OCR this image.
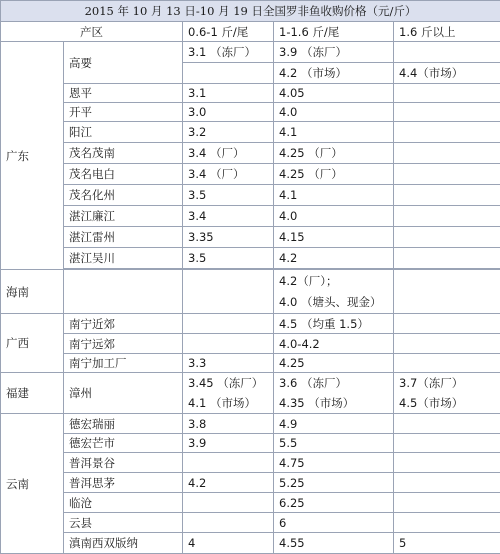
2015 年 10 月 13 日-10 月 19 日全国罗非鱼收购价格（元/斤）				
产区		0.6-1 斤/尾	1-1.6 斤/尾	1.6 斤以上
广东	高要	3.1 （冻厂）	3.9 （冻厂）	
			4.2 （市场）	4.4（市场）
	恩平	3.1	4.05	
	开平	3.0	4.0	
	阳江	3.2	4.1	
	茂名茂南	3.4 （厂）	4.25 （厂）	
	茂名电白	3.4 （厂）	4.25 （厂）	
	茂名化州	3.5	4.1	
	湛江廉江	3.4	4.0	
	湛江雷州	3.35	4.15	
	湛江吴川	3.5	4.2	

海南			4.2（厂）；	
			4.0 （塘头、现金）	
广西	南宁近郊		4.5 （均重 1.5）	
	南宁远郊		4.0-4.2	
	南宁加工厂	3.3	4.25	
福建	漳州	3.45 （冻厂）	3.6 （冻厂）	3.7（冻厂）
		4.1 （市场）	4.35 （市场）	4.5（市场）
云南	德宏瑞丽	3.8	4.9	
	德宏芒市	3.9	5.5	
	普洱景谷		4.75	
	普洱思茅	4.2	5.25	
	临沧		6.25	
	云县		6	
	滇南西双版纳	4	4.55	5
